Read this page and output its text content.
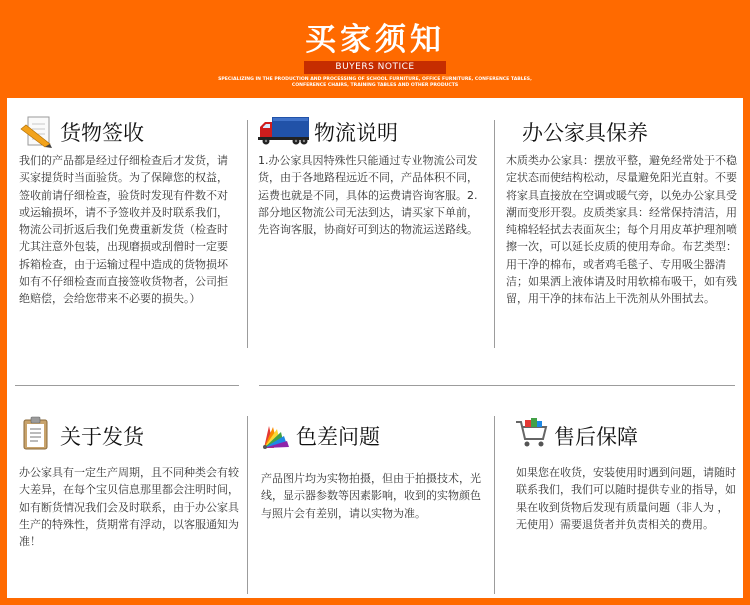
买家须知
BUYERS NOTICE
SPECIALIZING IN THE PRODUCTION AND PROCESSING OF SCHOOL FURNITURE, OFFICE FURNITURE, CONFERENCE TABLES,
CONFERENCE CHAIRS, TRAINING TABLES AND OTHER PRODUCTS
货物签收
我们的产品都是经过仔细检查后才发货，请买家提货时当面验货。为了保障您的权益，签收前请仔细检查，验货时发现有件数不对或运输损坏，请不予签收并及时联系我们，物流公司折返后我们免费重新发货（检查时尤其注意外包装，出现磨损或刮僧时一定要拆箱检查，由于运输过程中造成的货物损坏如有不仔细检查而直接签收货物者，公司拒绝赔偿，会给您带来不必要的损失。）
物流说明
1.办公家具因特殊性只能通过专业物流公司发货，由于各地路程远近不同，产品体积不同，运费也就是不同，具体的运费请咨询客服。2.部分地区物流公司无法到达，请买家下单前，先咨询客服，协商好可到达的物流运送路线。
办公家具保养
木质类办公家具：摆放平整，避免经常处于不稳定状态而使结构松动，尽量避免阳光直射。不要将家具直接放在空调或暖气旁，以免办公家具受潮而变形开裂。皮质类家具：经常保持清洁，用纯棉轻轻拭去表面灰尘；每个月用皮革护理剂喷擦一次，可以延长皮质的使用寿命。布艺类型：用干净的棉布，或者鸡毛毯子、专用吸尘器清洁；如果洒上液体请及时用软棉布吸干，如有残留，用干净的抹布沾上干洗剂从外围拭去。
关于发货
办公家具有一定生产周期，且不同种类会有较大差异，在每个宝贝信息那里都会注明时间，如有断货情况我们会及时联系，由于办公家具生产的特殊性，货期常有浮动，以客服通知为准！
色差问题
产品图片均为实物拍摄，但由于拍摄技术，光线，显示器参数等因素影响，收到的实物颜色与照片会有差别，请以实物为准。
售后保障
如果您在收货，安装使用时遇到问题，请随时联系我们，我们可以随时提供专业的指导，如果在收到货物后发现有质量问题（非人为 ，无使用）需要退货者并负责相关的费用。
